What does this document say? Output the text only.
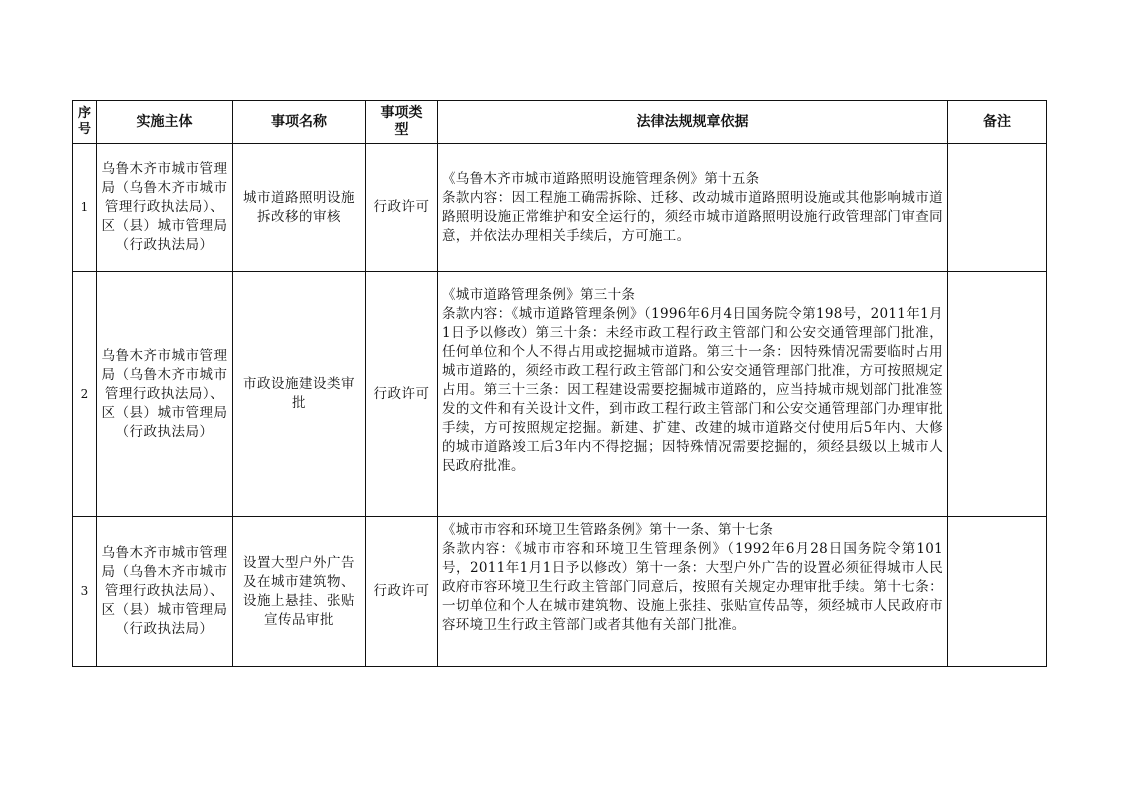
序号	实施主体	事项名称	事项类型	法律法规规章依据	备注
1	乌鲁木齐市城市管理局（乌鲁木齐市城市管理行政执法局）、区（县）城市管理局（行政执法局）	城市道路照明设施拆改移的审核	行政许可	《乌鲁木齐市城市道路照明设施管理条例》第十五条
条款内容：因工程施工确需拆除、迁移、改动城市道路照明设施或其他影响城市道路照明设施正常维护和安全运行的，须经市城市道路照明设施行政管理部门审查同意，并依法办理相关手续后，方可施工。	

2	乌鲁木齐市城市管理局（乌鲁木齐市城市管理行政执法局）、区（县）城市管理局（行政执法局）	市政设施建设类审批	行政许可	《城市道路管理条例》第三十条
条款内容：《城市道路管理条例》（1996年6月4日国务院令第198号，2011年1月1日予以修改）第三十条：未经市政工程行政主管部门和公安交通管理部门批准，任何单位和个人不得占用或挖掘城市道路。第三十一条：因特殊情况需要临时占用城市道路的，须经市政工程行政主管部门和公安交通管理部门批准，方可按照规定占用。第三十三条：因工程建设需要挖掘城市道路的，应当持城市规划部门批准签发的文件和有关设计文件，到市政工程行政主管部门和公安交通管理部门办理审批手续，方可按照规定挖掘。新建、扩建、改建的城市道路交付使用后5年内、大修的城市道路竣工后3年内不得挖掘；因特殊情况需要挖掘的，须经县级以上城市人民政府批准。	

3	乌鲁木齐市城市管理局（乌鲁木齐市城市管理行政执法局）、区（县）城市管理局（行政执法局）	设置大型户外广告及在城市建筑物、设施上悬挂、张贴宣传品审批	行政许可	《城市市容和环境卫生管路条例》第十一条、第十七条
条款内容：《城市市容和环境卫生管理条例》（1992年6月28日国务院令第101号，2011年1月1日予以修改）第十一条：大型户外广告的设置必须征得城市人民政府市容环境卫生行政主管部门同意后，按照有关规定办理审批手续。第十七条：一切单位和个人在城市建筑物、设施上张挂、张贴宣传品等，须经城市人民政府市容环境卫生行政主管部门或者其他有关部门批准。	
